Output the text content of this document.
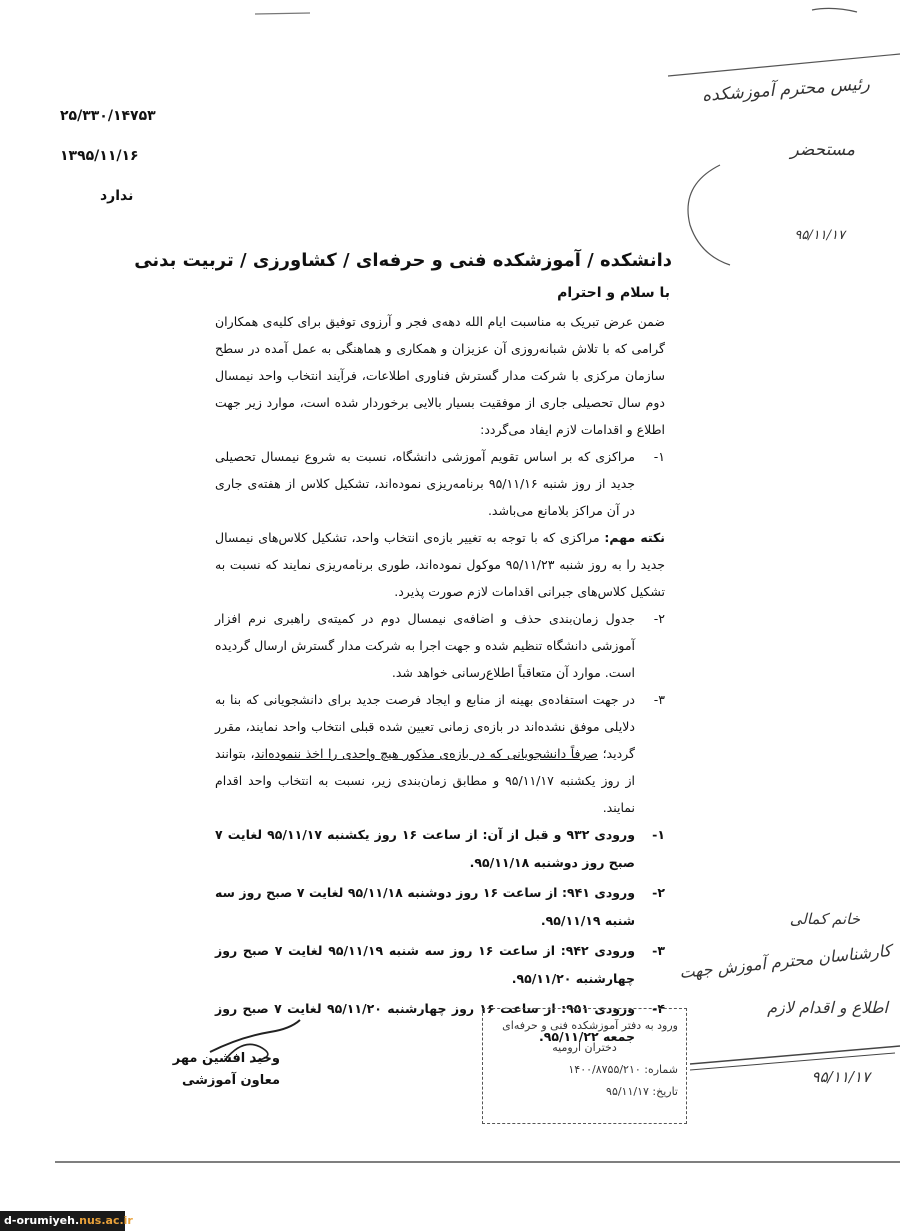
۲۵/۳۳۰/۱۴۷۵۳
۱۳۹۵/۱۱/۱۶
ندارد
رئیس محترم آموزشکده
مستحضر
۹۵/۱۱/۱۷
خانم کمالی
کارشناسان محترم آموزش جهت
اطلاع و اقدام لازم
۹۵/۱۱/۱۷
دانشکده / آموزشکده فنی و حرفه‌ای / کشاورزی / تربیت بدنی
با سلام و احترام

ضمن عرض تبریک به مناسبت ایام الله دهه‌ی فجر و آرزوی توفیق برای کلیه‌ی همکاران گرامی که با تلاش شبانه‌روزی آن عزیزان و همکاری و هماهنگی به عمل آمده در سطح سازمان مرکزی با شرکت مدار گسترش فناوری اطلاعات، فرآیند انتخاب واحد نیمسال دوم سال تحصیلی جاری از موفقیت بسیار بالایی برخوردار شده است، موارد زیر جهت اطلاع و اقدامات لازم ایفاد می‌گردد:

۱-
مراکزی که بر اساس تقویم آموزشی دانشگاه، نسبت به شروع نیمسال تحصیلی جدید از روز شنبه ۹۵/۱۱/۱۶ برنامه‌ریزی نموده‌اند، تشکیل کلاس از هفته‌ی جاری در آن مراکز بلامانع می‌باشد.

نکته مهم: مراکزی که با توجه به تغییر بازه‌ی انتخاب واحد، تشکیل کلاس‌های نیمسال جدید را به روز شنبه ۹۵/۱۱/۲۳ موکول نموده‌اند، طوری برنامه‌ریزی نمایند که نسبت به تشکیل کلاس‌های جبرانی اقدامات لازم صورت پذیرد.

۲-
جدول زمان‌بندی حذف و اضافه‌ی نیمسال دوم در کمیته‌ی راهبری نرم افزار آموزشی دانشگاه تنظیم شده و جهت اجرا به شرکت مدار گسترش ارسال گردیده است. موارد آن متعاقباً اطلاع‌رسانی خواهد شد.
۳-
در جهت استفاده‌ی بهینه از منابع و ایجاد فرصت جدید برای دانشجویانی که بنا به دلایلی موفق نشده‌اند در بازه‌ی زمانی تعیین شده قبلی انتخاب واحد نمایند، مقرر گردید؛ صرفاً دانشجویانی که در بازه‌ی مذکور هیچ واحدی را اخذ ننموده‌اند، بتوانند از روز یکشنبه ۹۵/۱۱/۱۷ و مطابق زمان‌بندی زیر، نسبت به انتخاب واحد اقدام نمایند.
۱-
ورودی ۹۳۲ و قبل از آن: از ساعت ۱۶ روز یکشنبه ۹۵/۱۱/۱۷ لغایت ۷ صبح روز دوشنبه ۹۵/۱۱/۱۸.
۲-
ورودی ۹۴۱: از ساعت ۱۶ روز دوشنبه ۹۵/۱۱/۱۸ لغایت ۷ صبح روز سه شنبه ۹۵/۱۱/۱۹.
۳-
ورودی ۹۴۲: از ساعت ۱۶ روز سه شنبه ۹۵/۱۱/۱۹ لغایت ۷ صبح روز چهارشنبه ۹۵/۱۱/۲۰.
۴-
ورودی ۹۵۱: از ساعت ۱۶ روز چهارشنبه ۹۵/۱۱/۲۰ لغایت ۷ صبح روز جمعه ۹۵/۱۱/۲۲.
وحید افشین مهر
معاون آموزشی
ورود به دفتر آموزشکده فنی و حرفه‌ای
دختران ارومیه
شماره: ۱۴۰۰/۸۷۵۵/۲۱۰
تاریخ: ۹۵/۱۱/۱۷
d-orumiyeh.nus.ac.ir
